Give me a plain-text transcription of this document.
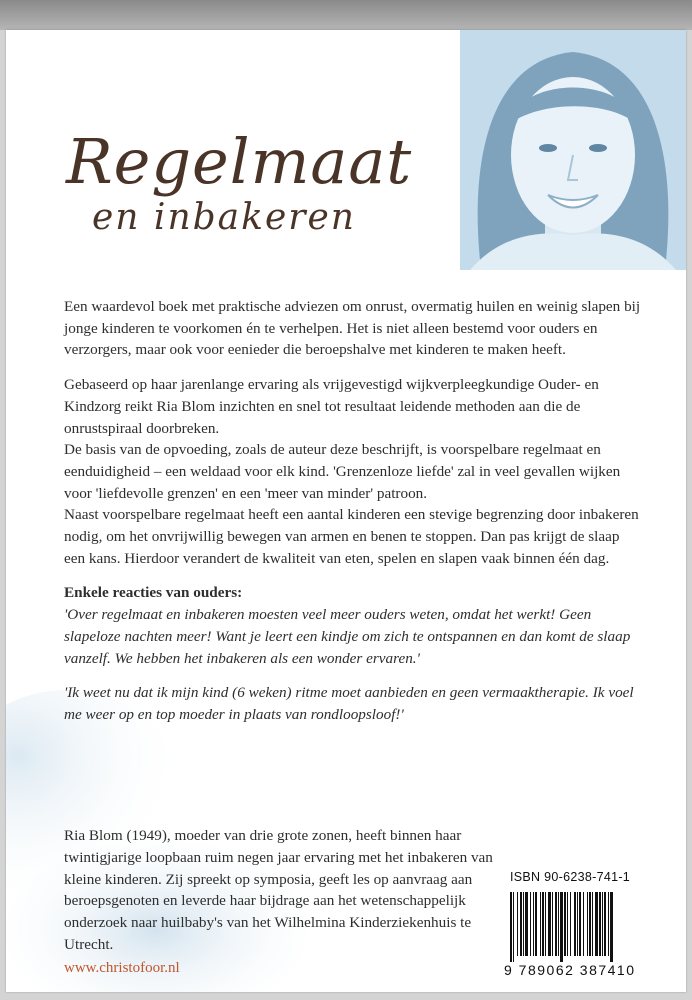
Regelmaat
en inbakeren

Een waardevol boek met praktische adviezen om onrust, overmatig huilen en weinig slapen bij jonge kinderen te voorkomen én te verhelpen. Het is niet alleen bestemd voor ouders en verzorgers, maar ook voor eenieder die beroepshalve met kinderen te maken heeft.

Gebaseerd op haar jarenlange ervaring als vrijgevestigd wijkverpleegkundige Ouder- en Kindzorg reikt Ria Blom inzichten en snel tot resultaat leidende methoden aan die de onrustspiraal doorbreken.

De basis van de opvoeding, zoals de auteur deze beschrijft, is voorspelbare regelmaat en eenduidigheid – een weldaad voor elk kind. 'Grenzenloze liefde' zal in veel gevallen wijken voor 'liefdevolle grenzen' en een 'meer van minder' patroon.

Naast voorspelbare regelmaat heeft een aantal kinderen een stevige begrenzing door inbakeren nodig, om het onvrijwillig bewegen van armen en benen te stoppen. Dan pas krijgt de slaap een kans. Hierdoor verandert de kwaliteit van eten, spelen en slapen vaak binnen één dag.

Enkele reacties van ouders:

'Over regelmaat en inbakeren moesten veel meer ouders weten, omdat het werkt! Geen slapeloze nachten meer! Want je leert een kindje om zich te ontspannen en dan komt de slaap vanzelf. We hebben het inbakeren als een wonder ervaren.'

'Ik weet nu dat ik mijn kind (6 weken) ritme moet aanbieden en geen vermaaktherapie. Ik voel me weer op en top moeder in plaats van rondloopsloof!'

Ria Blom (1949), moeder van drie grote zonen, heeft binnen haar twintigjarige loopbaan ruim negen jaar ervaring met het inbakeren van kleine kinderen. Zij spreekt op symposia, geeft les op aanvraag aan beroepsgenoten en leverde haar bijdrage aan het wetenschappelijk onderzoek naar huilbaby's van het Wilhelmina Kinderziekenhuis te Utrecht.

www.christofoor.nl
ISBN 90-6238-741-1
9 789062 387410
